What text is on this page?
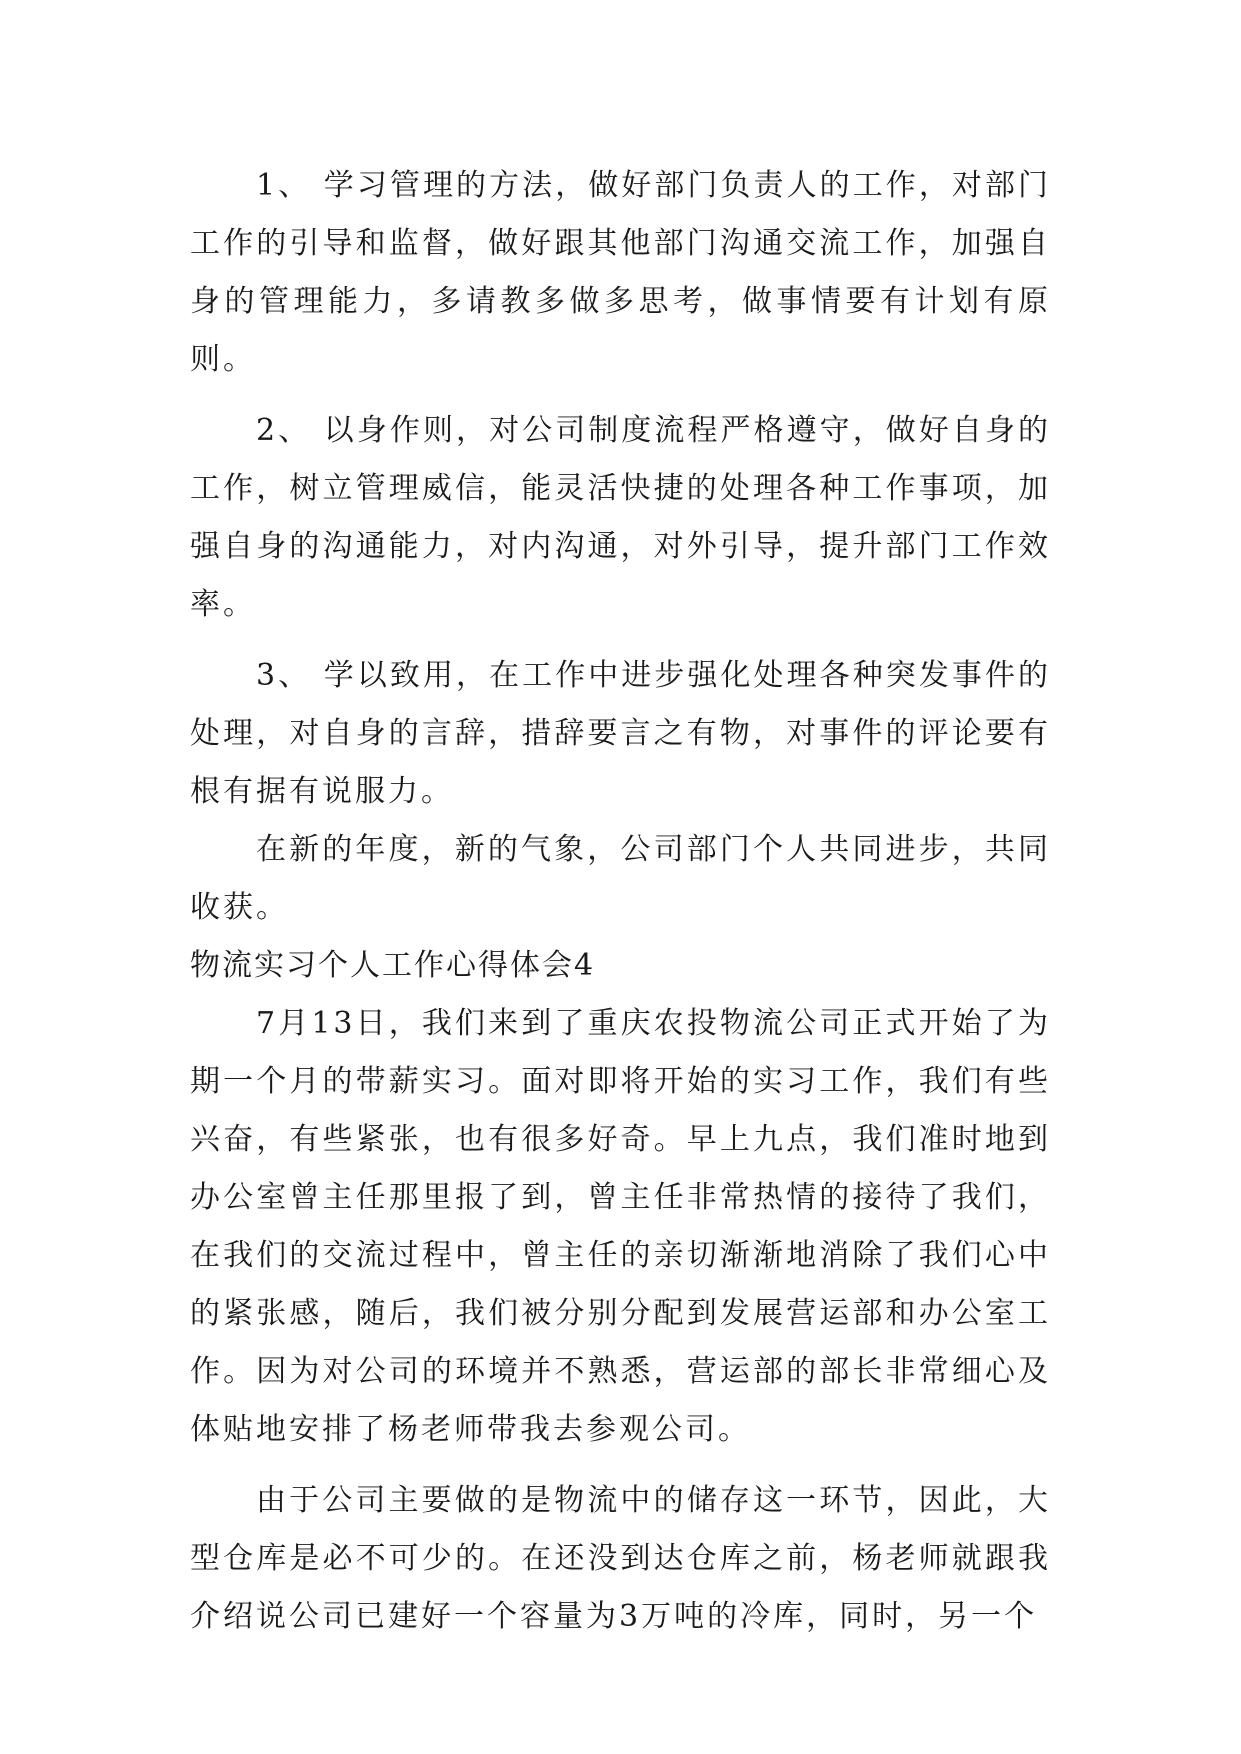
1、 学习管理的方法，做好部门负责人的工作，对部门工作的引导和监督，做好跟其他部门沟通交流工作，加强自身的管理能力，多请教多做多思考，做事情要有计划有原则。

2、 以身作则，对公司制度流程严格遵守，做好自身的工作，树立管理威信，能灵活快捷的处理各种工作事项，加强自身的沟通能力，对内沟通，对外引导，提升部门工作效率。

3、 学以致用，在工作中进步强化处理各种突发事件的处理，对自身的言辞，措辞要言之有物，对事件的评论要有根有据有说服力。

在新的年度，新的气象，公司部门个人共同进步，共同收获。

物流实习个人工作心得体会4

7月13日，我们来到了重庆农投物流公司正式开始了为期一个月的带薪实习。面对即将开始的实习工作，我们有些兴奋，有些紧张，也有很多好奇。早上九点，我们准时地到办公室曾主任那里报了到，曾主任非常热情的接待了我们，在我们的交流过程中，曾主任的亲切渐渐地消除了我们心中的紧张感，随后，我们被分别分配到发展营运部和办公室工作。因为对公司的环境并不熟悉，营运部的部长非常细心及体贴地安排了杨老师带我去参观公司。

由于公司主要做的是物流中的储存这一环节，因此，大型仓库是必不可少的。在还没到达仓库之前，杨老师就跟我介绍说公司已建好一个容量为3万吨的冷库，同时，另一个
